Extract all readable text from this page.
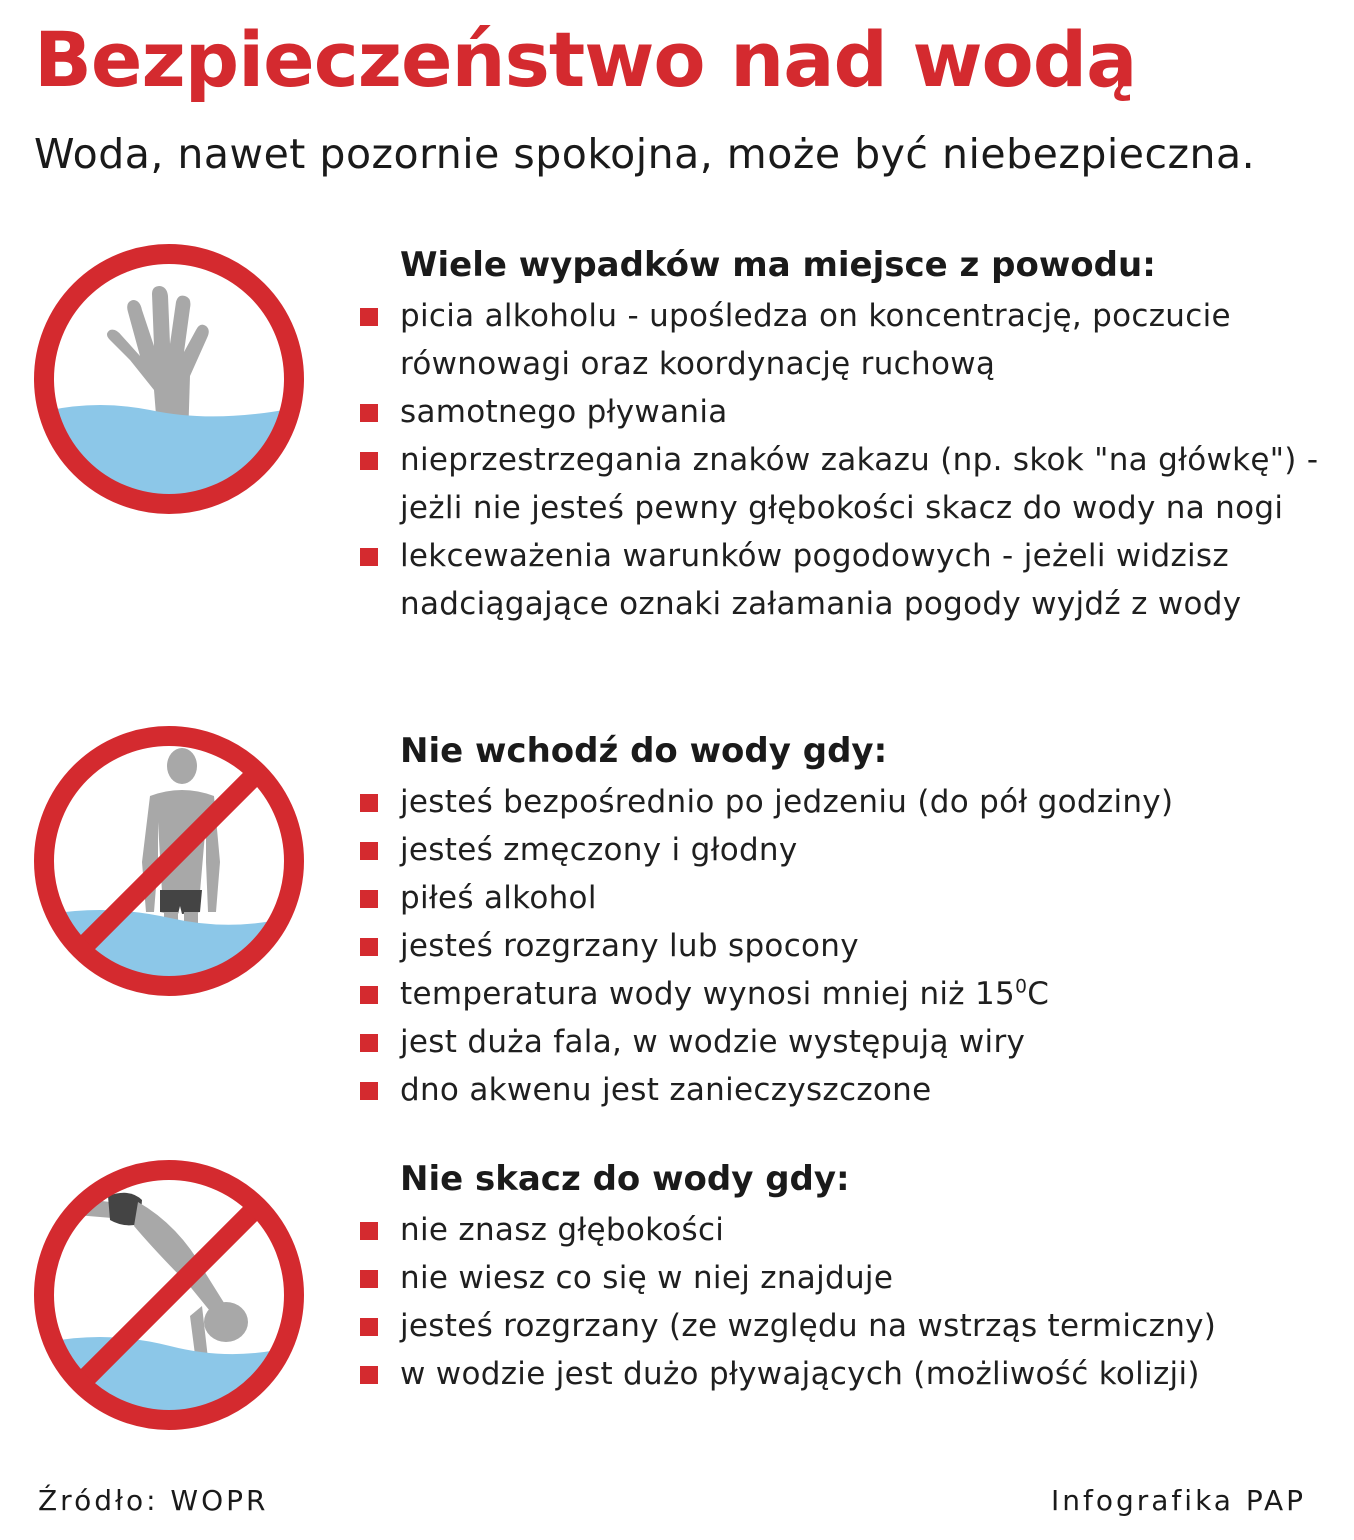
Bezpieczeństwo nad wodą
Woda, nawet pozornie spokojna, może być niebezpieczna.
Wiele wypadków ma miejsce z powodu:
picia alkoholu - upośledza on koncentrację, poczucie równowagi oraz koordynację ruchową
samotnego pływania
nieprzestrzegania znaków zakazu (np. skok "na główkę") - jeżli nie jesteś pewny głębokości skacz do wody na nogi
lekceważenia warunków pogodowych - jeżeli widzisz nadciągające oznaki załamania pogody wyjdź z wody
Nie wchodź do wody gdy:
jesteś bezpośrednio po jedzeniu (do pół godziny)
jesteś zmęczony i głodny
piłeś alkohol
jesteś rozgrzany lub spocony
temperatura wody wynosi mniej niż $15^0C$
jest duża fala, w wodzie występują wiry
dno akwenu jest zanieczyszczone
Nie skacz do wody gdy:
nie znasz głębokości
nie wiesz co się w niej znajduje
jesteś rozgrzany (ze względu na wstrząs termiczny)
w wodzie jest dużo pływających (możliwość kolizji)
Źródło: WOPR	Infografika PAP
